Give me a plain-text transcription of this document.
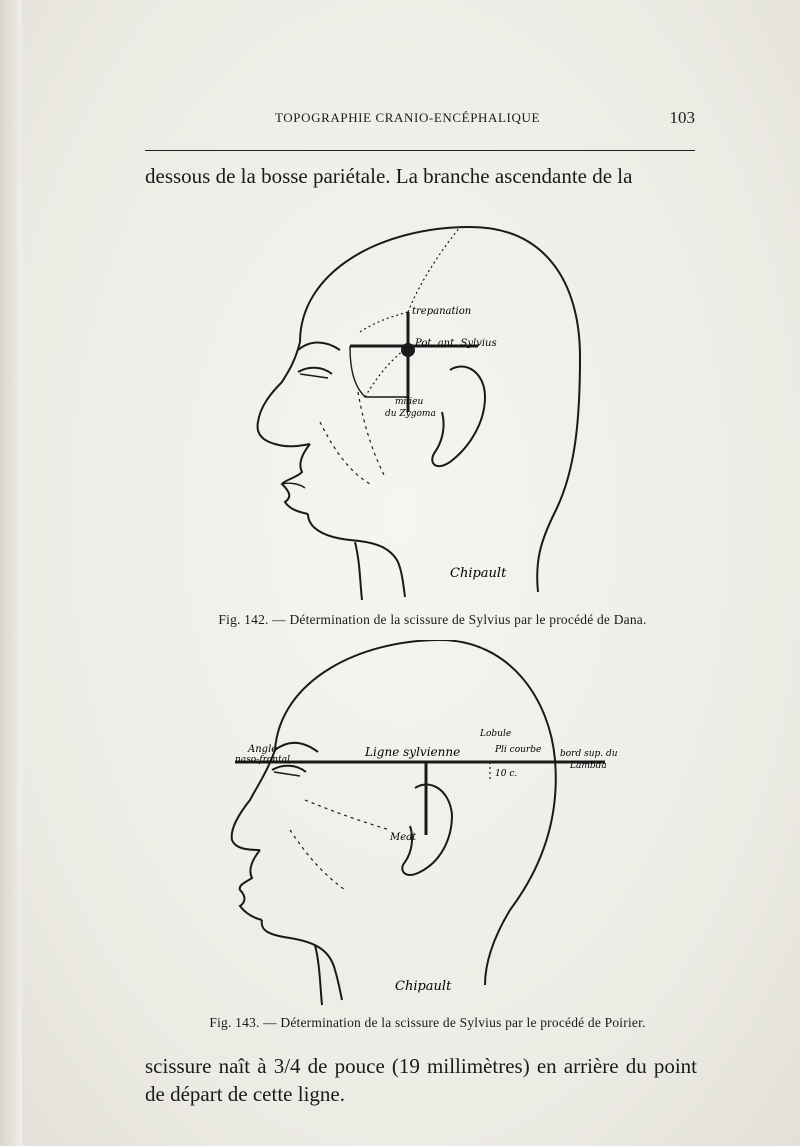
TOPOGRAPHIE CRANIO-ENCÉPHALIQUE	103
dessous de la bosse pariétale. La branche ascendante de la
trepanation
Pot. ant. Sylvius
milieu
du Zygoma
Chipault
Fig. 142. — Détermination de la scissure de Sylvius par le procédé de Dana.
Angle
naso-frontal
Ligne sylvienne
Lobule
Pli courbe bord sup. du
Lambda
10 c.
Meat
Chipault
Fig. 143. — Détermination de la scissure de Sylvius par le procédé de Poirier.
scissure naît à 3/4 de pouce (19 millimètres) en arrière du point de départ de cette ligne.
